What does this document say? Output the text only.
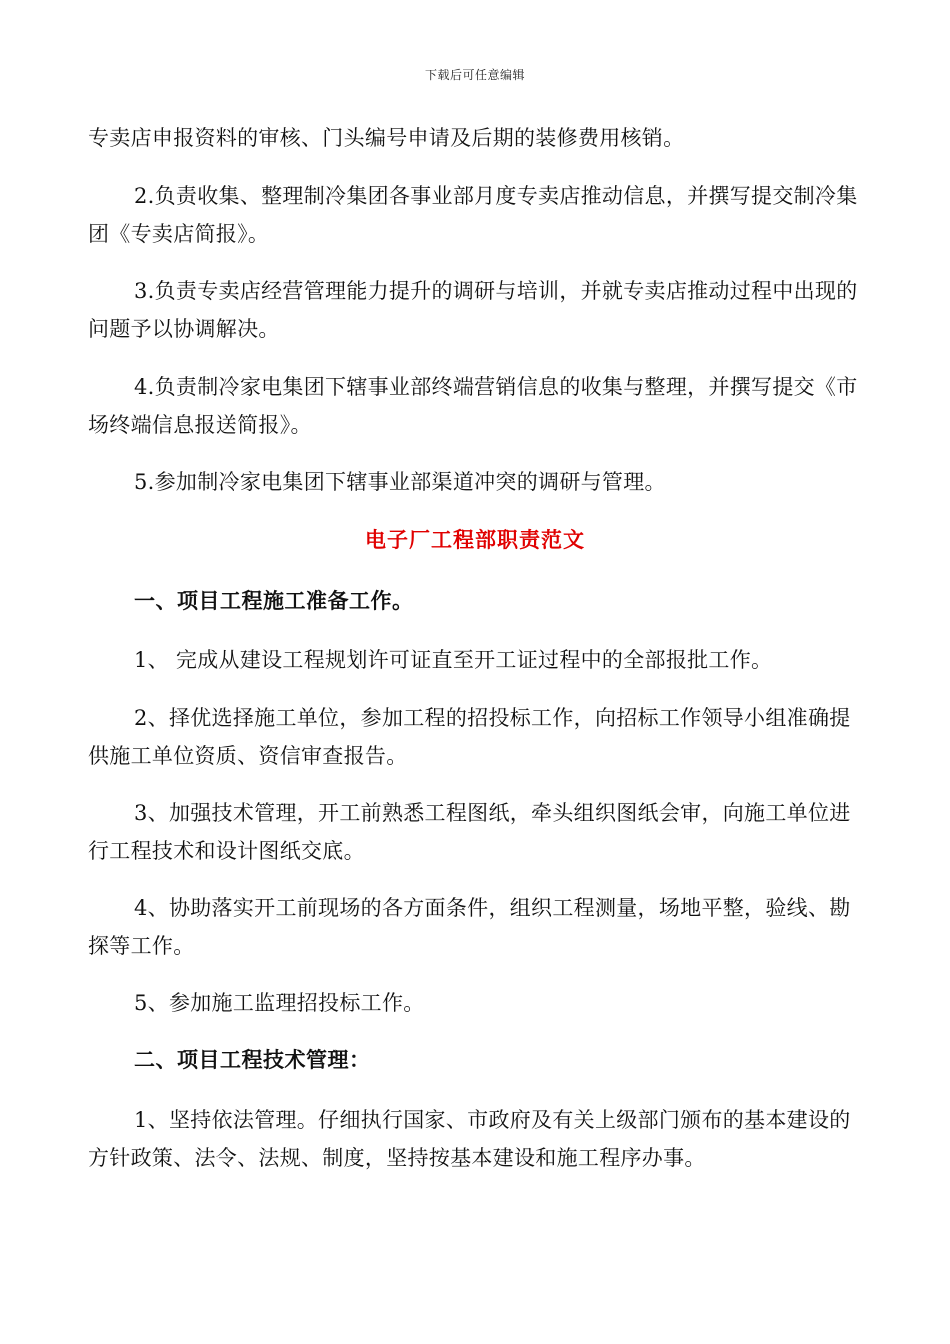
下载后可任意编辑

专卖店申报资料的审核、门头编号申请及后期的装修费用核销。

2.负责收集、整理制冷集团各事业部月度专卖店推动信息，并撰写提交制冷集团《专卖店简报》。

3.负责专卖店经营管理能力提升的调研与培训，并就专卖店推动过程中出现的问题予以协调解决。

4.负责制冷家电集团下辖事业部终端营销信息的收集与整理，并撰写提交《市场终端信息报送简报》。

5.参加制冷家电集团下辖事业部渠道冲突的调研与管理。

电子厂工程部职责范文

一、项目工程施工准备工作。

1、 完成从建设工程规划许可证直至开工证过程中的全部报批工作。

2、择优选择施工单位，参加工程的招投标工作，向招标工作领导小组准确提供施工单位资质、资信审查报告。

3、加强技术管理，开工前熟悉工程图纸，牵头组织图纸会审，向施工单位进行工程技术和设计图纸交底。

4、协助落实开工前现场的各方面条件，组织工程测量，场地平整，验线、勘探等工作。

5、参加施工监理招投标工作。

二、项目工程技术管理：

1、坚持依法管理。仔细执行国家、市政府及有关上级部门颁布的基本建设的方针政策、法令、法规、制度，坚持按基本建设和施工程序办事。
